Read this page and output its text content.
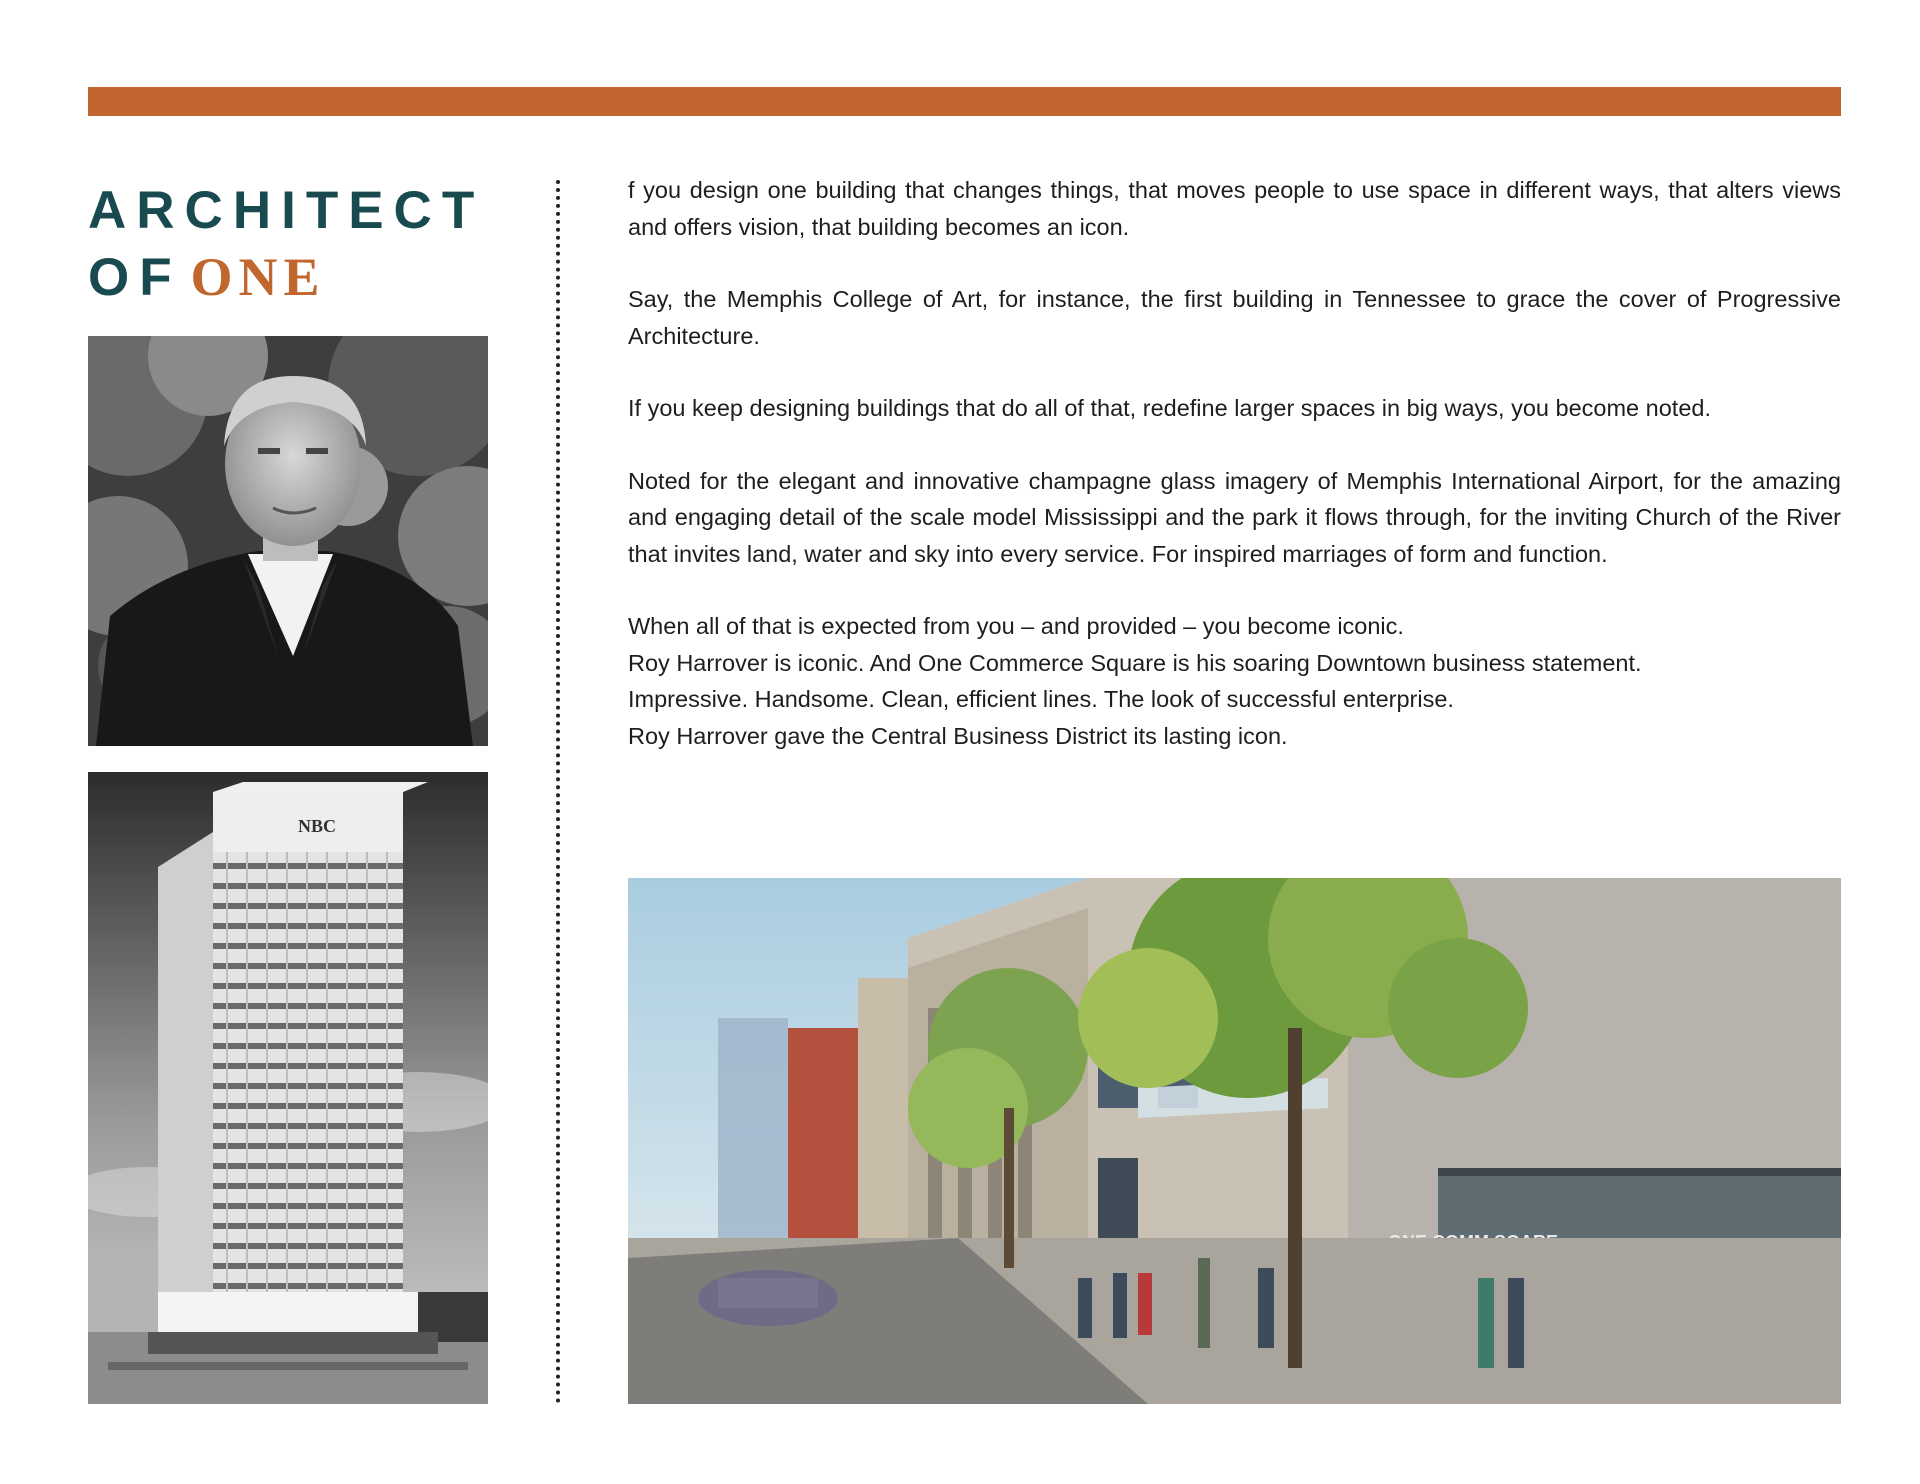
ARCHITECT
OF ONE
NBC

f you design one building that changes things, that moves people to use space in different ways, that alters views and offers vision, that building becomes an icon.

Say, the Memphis College of Art, for instance, the first building in Tennessee to grace the cover of Progressive Architecture.

If you keep designing buildings that do all of that, redefine larger spaces in big ways, you become noted.

Noted for the elegant and innovative champagne glass imagery of Memphis International Airport, for the amazing and engaging detail of the scale model Mississippi and the park it flows through, for the inviting Church of the River that invites land, water and sky into every service. For inspired marriages of form and function.

When all of that is expected from you – and provided – you become iconic.
Roy Harrover is iconic. And One Commerce Square is his soaring Downtown business statement.
Impressive. Handsome. Clean, efficient lines. The look of successful enterprise.
Roy Harrover gave the Central Business District its lasting icon.
